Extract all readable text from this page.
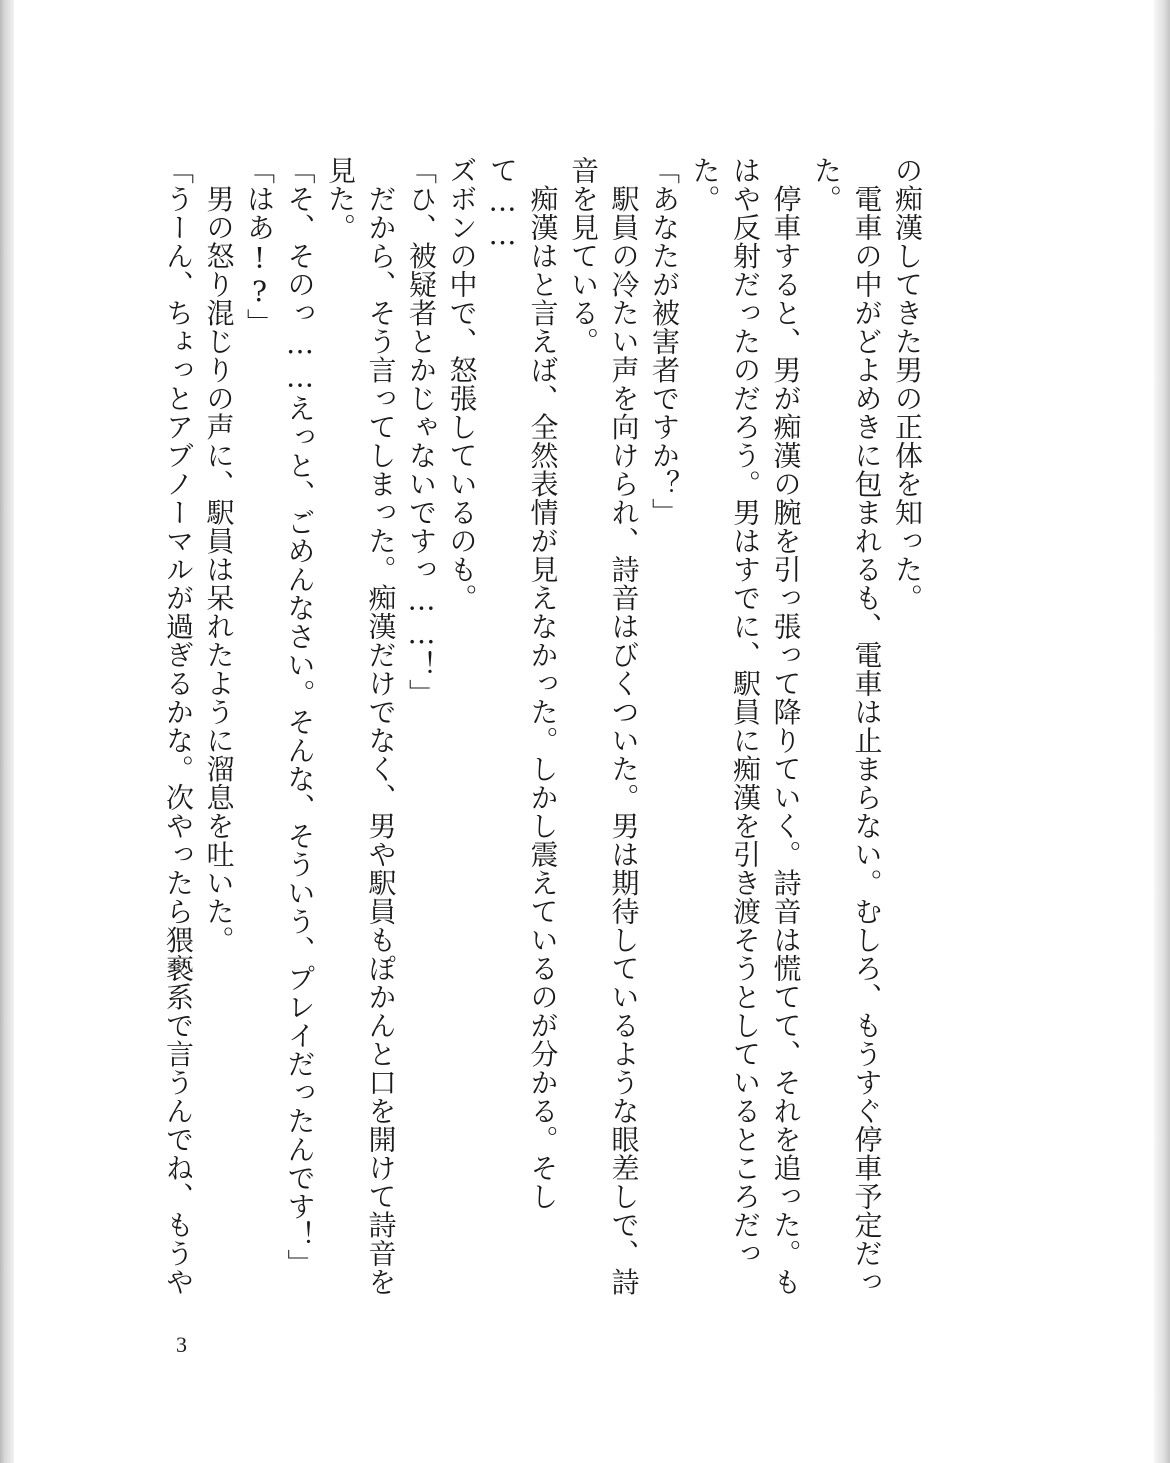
の痴漢してきた男の正体を知った。

　電車の中がどよめきに包まれるも、電車は止まらない。むしろ、もうすぐ停車予定だっ

た。

　停車すると、男が痴漢の腕を引っ張って降りていく。詩音は慌てて、それを追った。も

はや反射だったのだろう。男はすでに、駅員に痴漢を引き渡そうとしているところだった。

「あなたが被害者ですか？」

　駅員の冷たい声を向けられ、詩音はびくついた。男は期待しているような眼差しで、詩

音を見ている。

　痴漢はと言えば、全然表情が見えなかった。しかし震えているのが分かる。そして……

ズボンの中で、怒張しているのも。

「ひ、被疑者とかじゃないですっ……！」

　だから、そう言ってしまった。痴漢だけでなく、男や駅員もぽかんと口を開けて詩音を

見た。

「そ、そのっ……えっと、ごめんなさい。そんな、そういう、プレイだったんです！」

「はあ!?」

　男の怒り混じりの声に、駅員は呆れたように溜息を吐いた。

「うーん、ちょっとアブノーマルが過ぎるかな。次やったら猥褻系で言うんでね、もうや

3
